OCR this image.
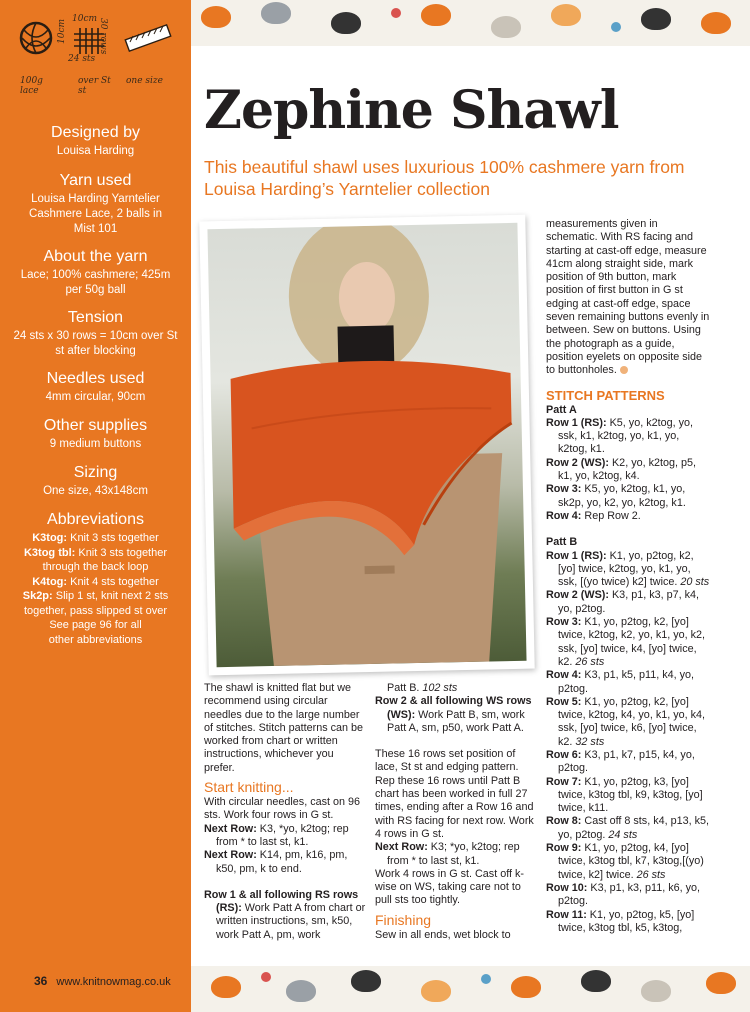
10cm
10cm	30 rows
24 sts
100g lace
over St st
one size

Designed by

Louisa Harding

Yarn used

Louisa Harding Yarntelier Cashmere Lace, 2 balls in Mist 101

About the yarn

Lace; 100% cashmere; 425m per 50g ball

Tension

24 sts x 30 rows = 10cm over St st after blocking

Needles used

4mm circular, 90cm

Other supplies

9 medium buttons

Sizing

One size, 43x148cm

Abbreviations

K3tog: Knit 3 sts together
K3tog tbl: Knit 3 sts together through the back loop
K4tog: Knit 4 sts together
Sk2p: Slip 1 st, knit next 2 sts together, pass slipped st over
See page 96 for all other abbreviations
Zephine Shawl

This beautiful shawl uses luxurious 100% cashmere yarn from Louisa Harding’s Yarntelier collection

The shawl is knitted flat but we recommend using circular needles due to the large number of stitches. Stitch patterns can be worked from chart or written instructions, whichever you prefer.

Start knitting...

With circular needles, cast on 96 sts. Work four rows in G st.

Next Row: K3, *yo, k2tog; rep from * to last st, k1.

Next Row: K14, pm, k16, pm, k50, pm, k to end.

Row 1 & all following RS rows (RS): Work Patt A from chart or written instructions, sm, k50, work Patt A, pm, work

Patt B. 102 sts

Row 2 & all following WS rows (WS): Work Patt B, sm, work Patt A, sm, p50, work Patt A.

These 16 rows set position of lace, St st and edging pattern. Rep these 16 rows until Patt B chart has been worked in full 27 times, ending after a Row 16 and with RS facing for next row. Work 4 rows in G st.

Next Row: K3; *yo, k2tog; rep from * to last st, k1.

Work 4 rows in G st. Cast off k-wise on WS, taking care not to pull sts too tightly.

Finishing

Sew in all ends, wet block to

measurements given in schematic. With RS facing and starting at cast-off edge, measure 41cm along straight side, mark position of 9th button, mark position of first button in G st edging at cast-off edge, space seven remaining buttons evenly in between. Sew on buttons. Using the photograph as a guide, position eyelets on opposite side to buttonholes.

STITCH PATTERNS

Patt A

Row 1 (RS): K5, yo, k2tog, yo, ssk, k1, k2tog, yo, k1, yo, k2tog, k1.

Row 2 (WS): K2, yo, k2tog, p5, k1, yo, k2tog, k4.

Row 3: K5, yo, k2tog, k1, yo, sk2p, yo, k2, yo, k2tog, k1.

Row 4: Rep Row 2.

Patt B

Row 1 (RS): K1, yo, p2tog, k2, [yo] twice, k2tog, yo, k1, yo, ssk, [(yo twice) k2] twice. 20 sts

Row 2 (WS): K3, p1, k3, p7, k4, yo, p2tog.

Row 3: K1, yo, p2tog, k2, [yo] twice, k2tog, k2, yo, k1, yo, k2, ssk, [yo] twice, k4, [yo] twice, k2. 26 sts

Row 4: K3, p1, k5, p11, k4, yo, p2tog.

Row 5: K1, yo, p2tog, k2, [yo] twice, k2tog, k4, yo, k1, yo, k4, ssk, [yo] twice, k6, [yo] twice, k2. 32 sts

Row 6: K3, p1, k7, p15, k4, yo, p2tog.

Row 7: K1, yo, p2tog, k3, [yo] twice, k3tog tbl, k9, k3tog, [yo] twice, k11.

Row 8: Cast off 8 sts, k4, p13, k5, yo, p2tog. 24 sts

Row 9: K1, yo, p2tog, k4, [yo] twice, k3tog tbl, k7, k3tog,[(yo) twice, k2] twice. 26 sts

Row 10: K3, p1, k3, p11, k6, yo, p2tog.

Row 11: K1, yo, p2tog, k5, [yo] twice, k3tog tbl, k5, k3tog,

36 www.knitnowmag.co.uk
